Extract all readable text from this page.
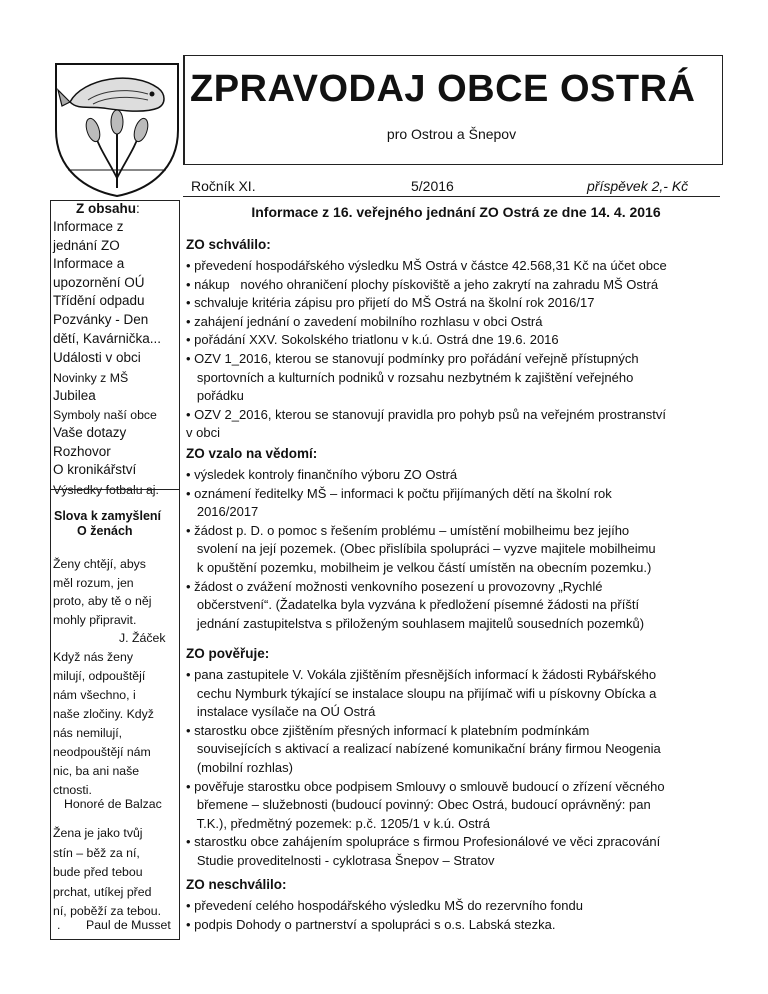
ZPRAVODAJ OBCE OSTRÁ
pro Ostrou a Šnepov
Ročník XI.	5/2016	příspěvek 2,- Kč
Z obsahu:
Informace z
jednání ZO
Informace a
upozornění OÚ
Třídění odpadu
Pozvánky - Den
dětí, Kavárnička...
Události v obci
Novinky z MŠ
Jubilea
Symboly naší obce
Vaše dotazy
Rozhovor
O kronikářství
Výsledky fotbalu aj.
Slova k zamyšlení
O ženách
Ženy chtějí, abys
měl rozum, jen
proto, aby tě o něj
mohly připravit.
J. Žáček
Když nás ženy
milují, odpouštějí
nám všechno, i
naše zločiny. Když
nás nemilují,
neodpouštějí nám
nic, ba ani naše
ctnosti.
Honoré de Balzac
Žena je jako tvůj
stín – běž za ní,
bude před tebou
prchat, utíkej před
ní, poběží za tebou.
. Paul de Musset
Informace z 16. veřejného jednání ZO Ostrá ze dne 14. 4. 2016
ZO schválilo:
• převedení hospodářského výsledku MŠ Ostrá v částce 42.568,31 Kč na účet obce
• nákup   nového ohraničení plochy pískoviště a jeho zakrytí na zahradu MŠ Ostrá
• schvaluje kritéria zápisu pro přijetí do MŠ Ostrá na školní rok 2016/17
• zahájení jednání o zavedení mobilního rozhlasu v obci Ostrá
• pořádání XXV. Sokolského triatlonu v k.ú. Ostrá dne 19.6. 2016
• OZV 1_2016, kterou se stanovují podmínky pro pořádání veřejně přístupných
sportovních a kulturních podniků v rozsahu nezbytném k zajištění veřejného
pořádku
• OZV 2_2016, kterou se stanovují pravidla pro pohyb psů na veřejném prostranství
v obci
ZO vzalo na vědomí:
• výsledek kontroly finančního výboru ZO Ostrá
• oznámení ředitelky MŠ – informaci k počtu přijímaných dětí na školní rok
2016/2017
• žádost p. D. o pomoc s řešením problému – umístění mobilheimu bez jejího
svolení na její pozemek. (Obec přislíbila spolupráci – vyzve majitele mobilheimu
k opuštění pozemku, mobilheim je velkou částí umístěn na obecním pozemku.)
• žádost o zvážení možnosti venkovního posezení u provozovny „Rychlé
občerstvení“. (Žadatelka byla vyzvána k předložení písemné žádosti na příští
jednání zastupitelstva s přiloženým souhlasem majitelů sousedních pozemků)
ZO pověřuje:
• pana zastupitele V. Vokála zjištěním přesnějších informací k žádosti Rybářského
cechu Nymburk týkající se instalace sloupu na přijímač wifi u pískovny Obícka a
instalace vysílače na OÚ Ostrá
• starostku obce zjištěním přesných informací k platebním podmínkám
souvisejících s aktivací a realizací nabízené komunikační brány firmou Neogenia
(mobilní rozhlas)
• pověřuje starostku obce podpisem Smlouvy o smlouvě budoucí o zřízení věcného
břemene – služebnosti (budoucí povinný: Obec Ostrá, budoucí oprávněný: pan
T.K.), předmětný pozemek: p.č. 1205/1 v k.ú. Ostrá
• starostku obce zahájením spolupráce s firmou Profesionálové ve věci zpracování
Studie proveditelnosti - cyklotrasa Šnepov – Stratov
ZO neschválilo:
• převedení celého hospodářského výsledku MŠ do rezervního fondu
• podpis Dohody o partnerství a spolupráci s o.s. Labská stezka.
